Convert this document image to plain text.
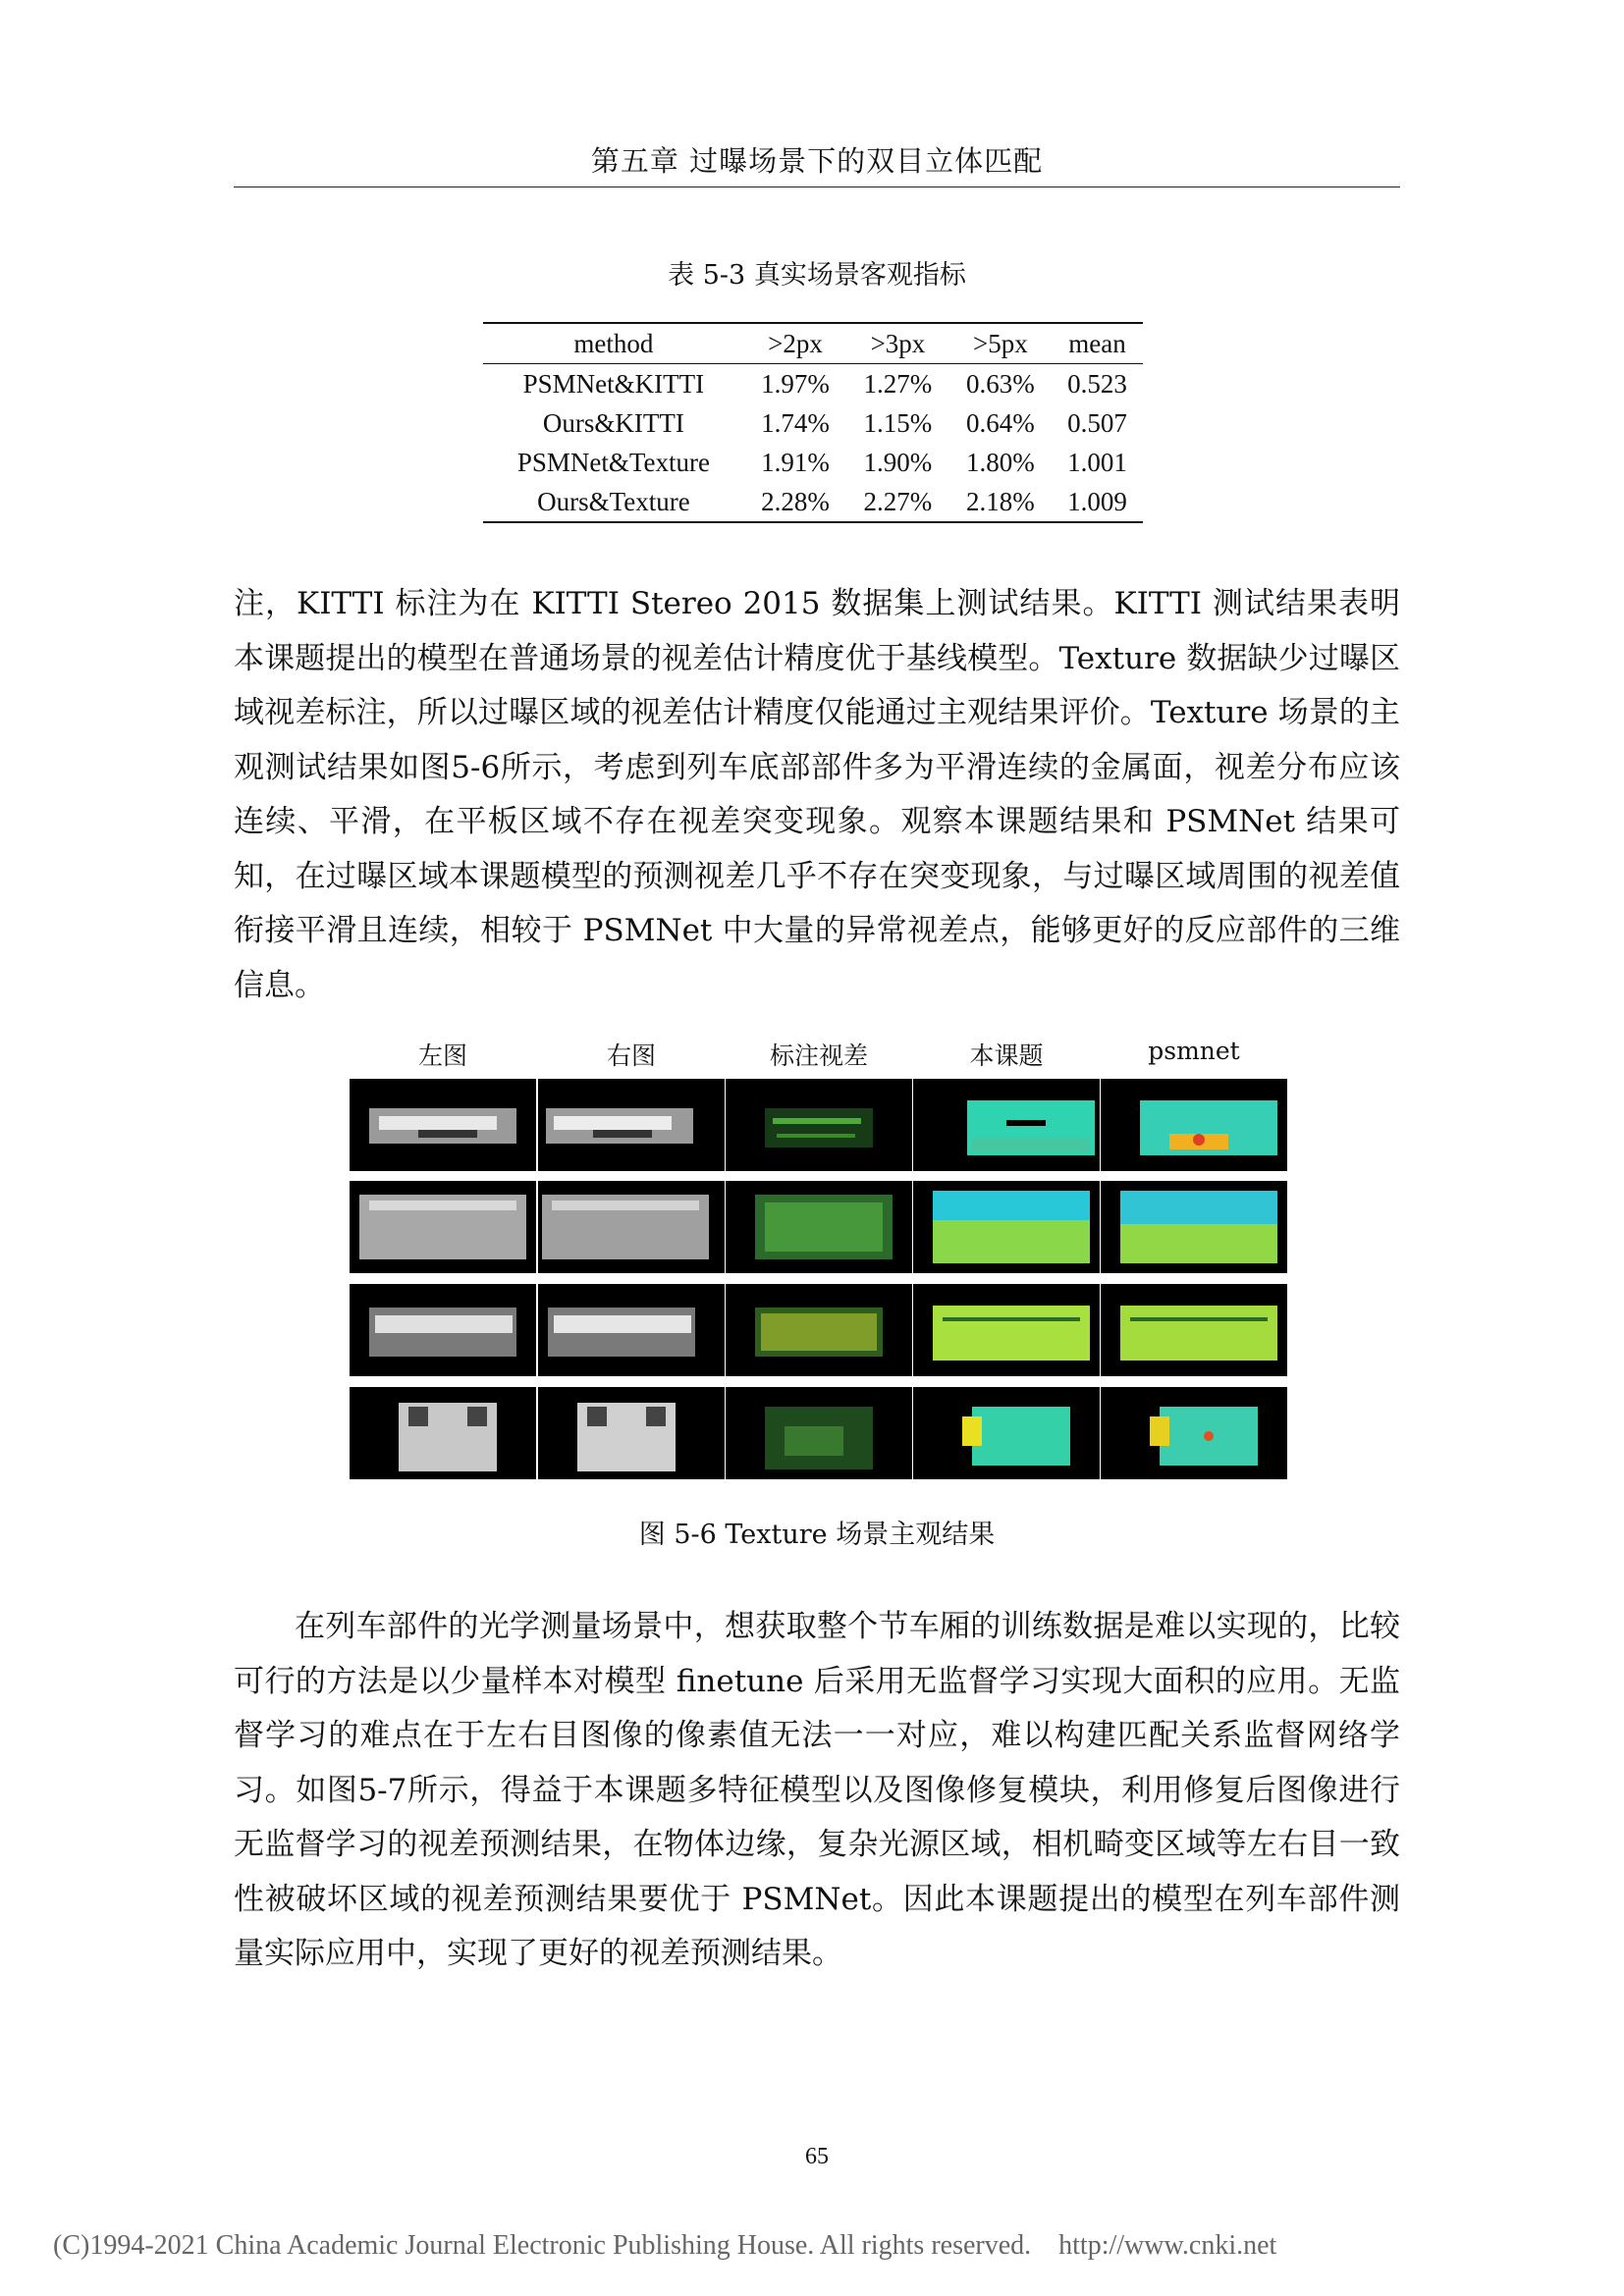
第五章 过曝场景下的双目立体匹配
表 5-3 真实场景客观指标
method	>2px	>3px	>5px	mean
PSMNet&KITTI	1.97%	1.27%	0.63%	0.523
Ours&KITTI	1.74%	1.15%	0.64%	0.507
PSMNet&Texture	1.91%	1.90%	1.80%	1.001
Ours&Texture	2.28%	2.27%	2.18%	1.009
注，KITTI 标注为在 KITTI Stereo 2015 数据集上测试结果。KITTI 测试结果表明本课题提出的模型在普通场景的视差估计精度优于基线模型。Texture 数据缺少过曝区域视差标注，所以过曝区域的视差估计精度仅能通过主观结果评价。Texture 场景的主观测试结果如图5-6所示，考虑到列车底部部件多为平滑连续的金属面，视差分布应该连续、平滑，在平板区域不存在视差突变现象。观察本课题结果和 PSMNet 结果可知，在过曝区域本课题模型的预测视差几乎不存在突变现象，与过曝区域周围的视差值衔接平滑且连续，相较于 PSMNet 中大量的异常视差点，能够更好的反应部件的三维信息。
左图	右图	标注视差	本课题	psmnet
图 5-6 Texture 场景主观结果
在列车部件的光学测量场景中，想获取整个节车厢的训练数据是难以实现的，比较可行的方法是以少量样本对模型 finetune 后采用无监督学习实现大面积的应用。无监督学习的难点在于左右目图像的像素值无法一一对应，难以构建匹配关系监督网络学习。如图5-7所示，得益于本课题多特征模型以及图像修复模块，利用修复后图像进行无监督学习的视差预测结果，在物体边缘，复杂光源区域，相机畸变区域等左右目一致性被破坏区域的视差预测结果要优于 PSMNet。因此本课题提出的模型在列车部件测量实际应用中，实现了更好的视差预测结果。
65
(C)1994-2021 China Academic Journal Electronic Publishing House. All rights reserved.    http://www.cnki.net
